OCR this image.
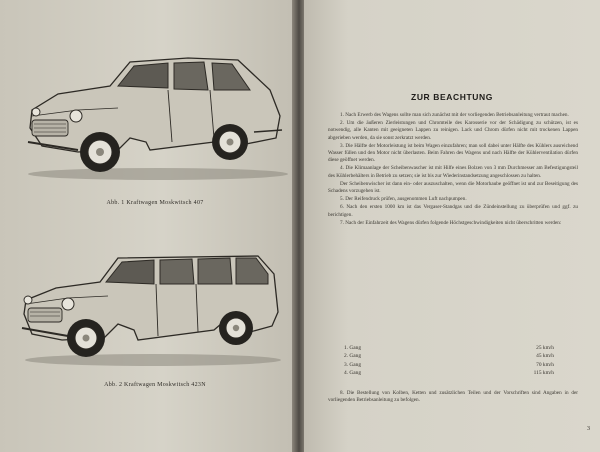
Abb. 1 Kraftwagen Moskwitsch 407
Abb. 2 Kraftwagen Moskwitsch 423N
ZUR BEACHTUNG

1. Nach Erwerb des Wagens sollte man sich zunächst mit der vorliegenden Betriebsanleitung vertraut machen.

2. Um die äußeren Zierleistungen und Chromteile des Karosserie vor der Schädigung zu schützen, ist es notwendig, alle Kanten mit geeigneten Lappen zu reinigen. Lack und Chrom dürfen nicht mit trockenen Lappen abgerieben werden, da sie sonst zerkratzt werden.

3. Die Hälfte der Motorleistung ist beim Wagen einzufahren; man soll dabei unter Hälfte des Kühlers ausreichend Wasser füllen und den Motor nicht überlasten. Beim Fahren des Wagens und nach Hälfte der Kühlerventilation dürfen diese geöffnet werden.

4. Die Klimaanlage der Scheibenwascher ist mit Hilfe eines Bolzen von 3 mm Durchmesser am Befestigungsteil des Kühlerbehälters in Betrieb zu setzen; sie ist bis zur Wiederinstandsetzung angeschlossen zu halten.

Der Scheibenwischer ist dann ein- oder auszuschalten, wenn die Motorhaube geöffnet ist und zur Beseitigung des Schadens vorzugehen ist.

5. Der Reifendruck prüfen, ausgenommen Luft nachpumpen.

6. Nach den ersten 1000 km ist das Vergaser-Standgas und die Zündeinstellung zu überprüfen und ggf. zu berichtigen.

7. Nach der Einfahrzeit des Wagens dürfen folgende Höchstgeschwindigkeiten nicht überschritten werden:

1. Gang	25 km/h
2. Gang	45 km/h
3. Gang	70 km/h
4. Gang	115 km/h

8. Die Bestellung von Kolben, Ketten und zusätzlichen Teilen und der Vorschriften sind Angaben in der vorliegenden Betriebsanleitung zu befolgen.

3
